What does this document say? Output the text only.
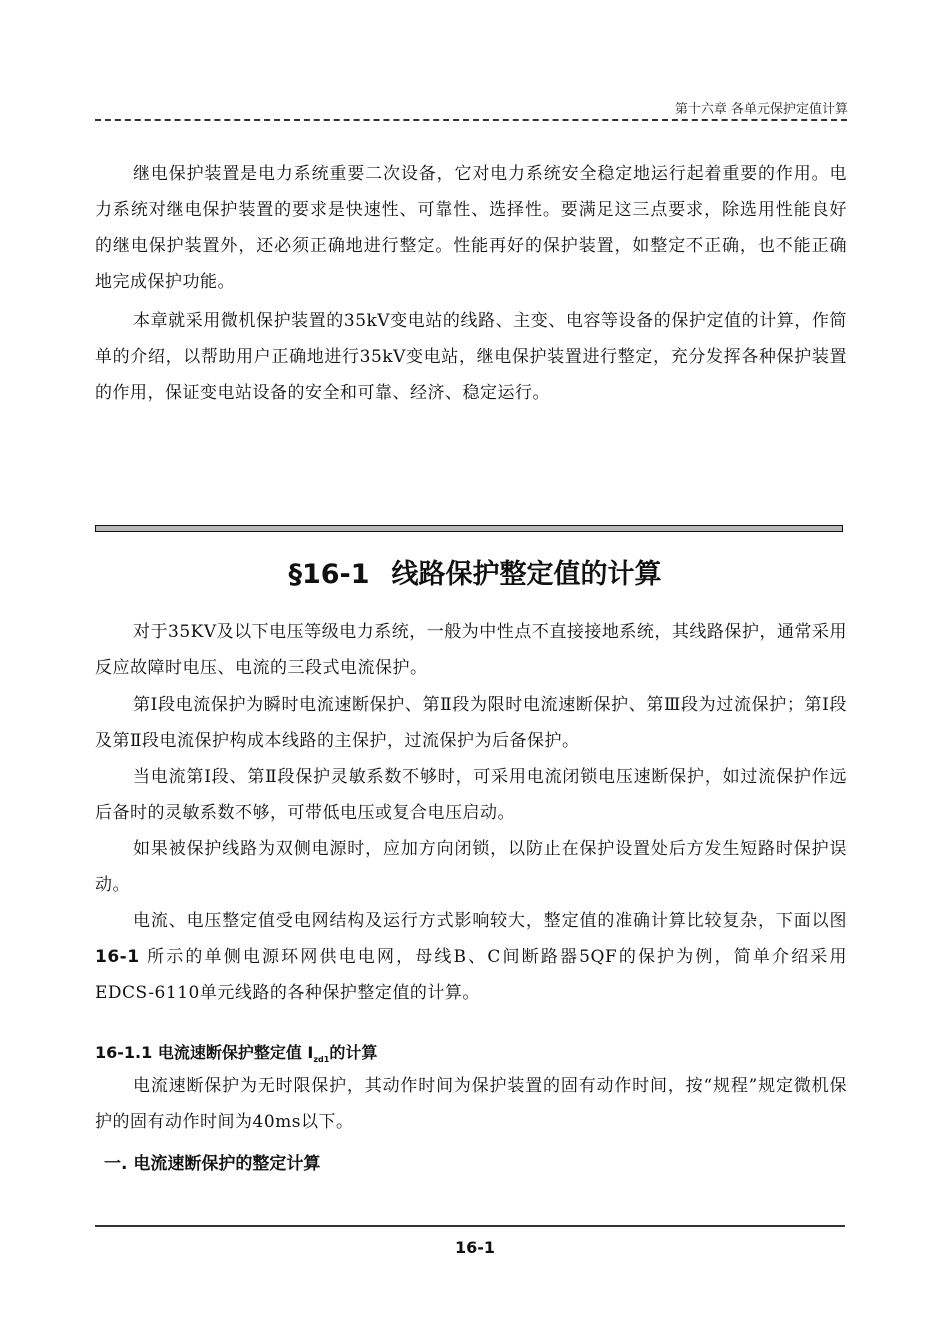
第十六章 各单元保护定值计算

继电保护装置是电力系统重要二次设备，它对电力系统安全稳定地运行起着重要的作用。电力系统对继电保护装置的要求是快速性、可靠性、选择性。要满足这三点要求，除选用性能良好的继电保护装置外，还必须正确地进行整定。性能再好的保护装置，如整定不正确，也不能正确地完成保护功能。

本章就采用微机保护装置的35kV变电站的线路、主变、电容等设备的保护定值的计算，作简单的介绍，以帮助用户正确地进行35kV变电站，继电保护装置进行整定，充分发挥各种保护装置的作用，保证变电站设备的安全和可靠、经济、稳定运行。

§16-1 线路保护整定值的计算

对于35KV及以下电压等级电力系统，一般为中性点不直接接地系统，其线路保护，通常采用反应故障时电压、电流的三段式电流保护。

第Ⅰ段电流保护为瞬时电流速断保护、第Ⅱ段为限时电流速断保护、第Ⅲ段为过流保护；第Ⅰ段及第Ⅱ段电流保护构成本线路的主保护，过流保护为后备保护。

当电流第Ⅰ段、第Ⅱ段保护灵敏系数不够时，可采用电流闭锁电压速断保护，如过流保护作远后备时的灵敏系数不够，可带低电压或复合电压启动。

如果被保护线路为双侧电源时，应加方向闭锁，以防止在保护设置处后方发生短路时保护误动。

电流、电压整定值受电网结构及运行方式影响较大，整定值的准确计算比较复杂，下面以图 16-1 所示的单侧电源环网供电电网，母线B、C间断路器5QF的保护为例，简单介绍采用EDCS-6110单元线路的各种保护整定值的计算。

16-1.1 电流速断保护整定值 $I_{zd1}$的计算

电流速断保护为无时限保护，其动作时间为保护装置的固有动作时间，按“规程”规定微机保护的固有动作时间为40ms以下。

一. 电流速断保护的整定计算
16-1
